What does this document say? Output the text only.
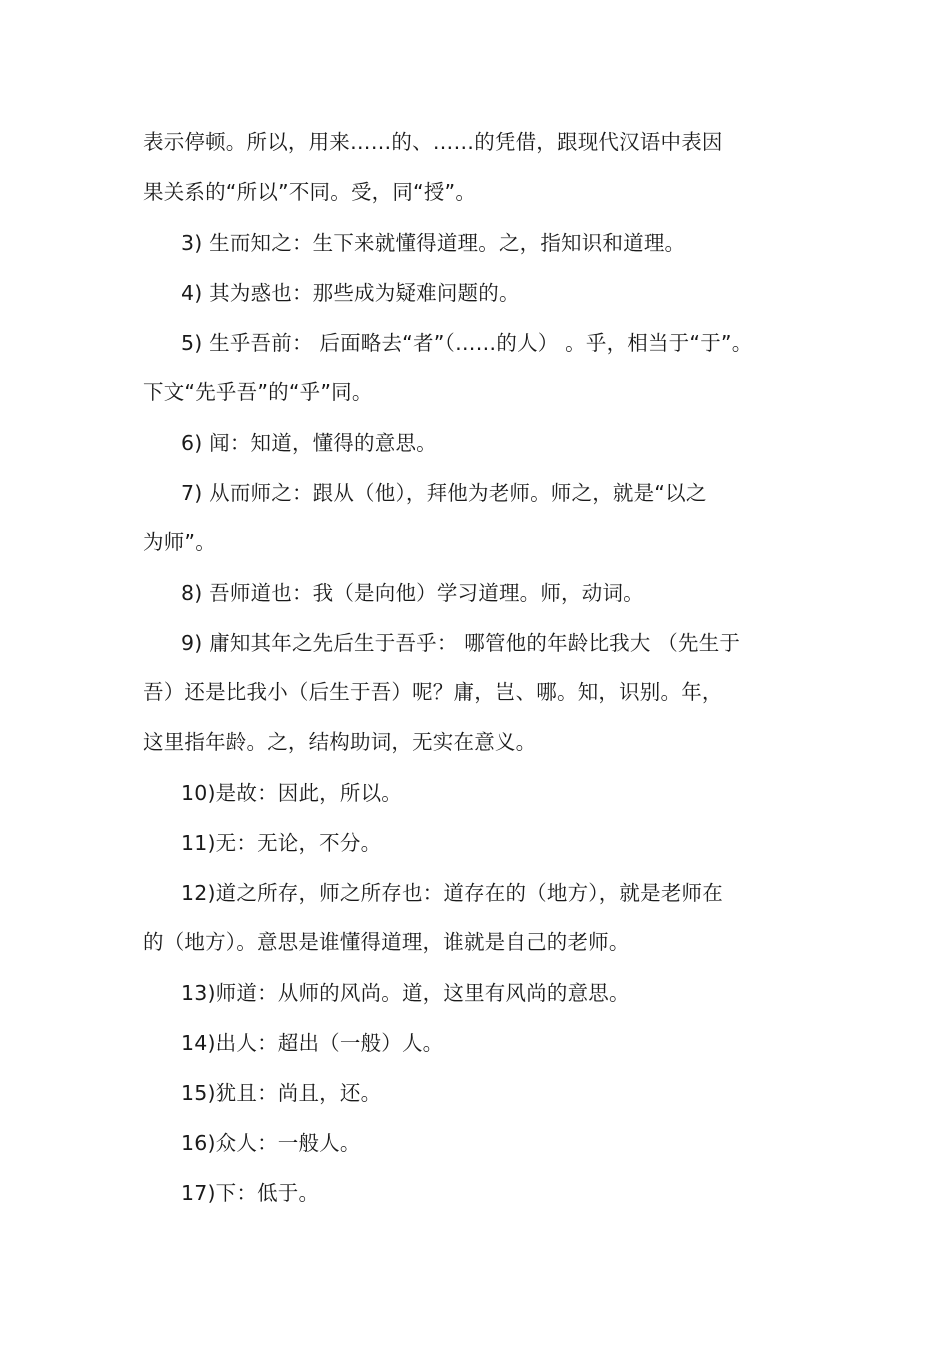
表示停顿。所以，用来……的、……的凭借，跟现代汉语中表因
果关系的“所以”不同。受，同“授”。
3) 生而知之：生下来就懂得道理。之，指知识和道理。
4) 其为惑也：那些成为疑难问题的。
5) 生乎吾前： 后面略去“者”（……的人） 。乎，相当于“于”。
下文“先乎吾”的“乎”同。
6) 闻：知道，懂得的意思。
7) 从而师之：跟从（他），拜他为老师。师之，就是“以之
为师”。
8) 吾师道也：我（是向他）学习道理。师，动词。
9) 庸知其年之先后生于吾乎： 哪管他的年龄比我大 （先生于
吾）还是比我小（后生于吾）呢？庸，岂、哪。知，识别。年，
这里指年龄。之，结构助词，无实在意义。
10)是故：因此，所以。
11)无：无论，不分。
12)道之所存，师之所存也：道存在的（地方），就是老师在
的（地方）。意思是谁懂得道理，谁就是自己的老师。
13)师道：从师的风尚。道，这里有风尚的意思。
14)出人：超出（一般）人。
15)犹且：尚且，还。
16)众人：一般人。
17)下：低于。
